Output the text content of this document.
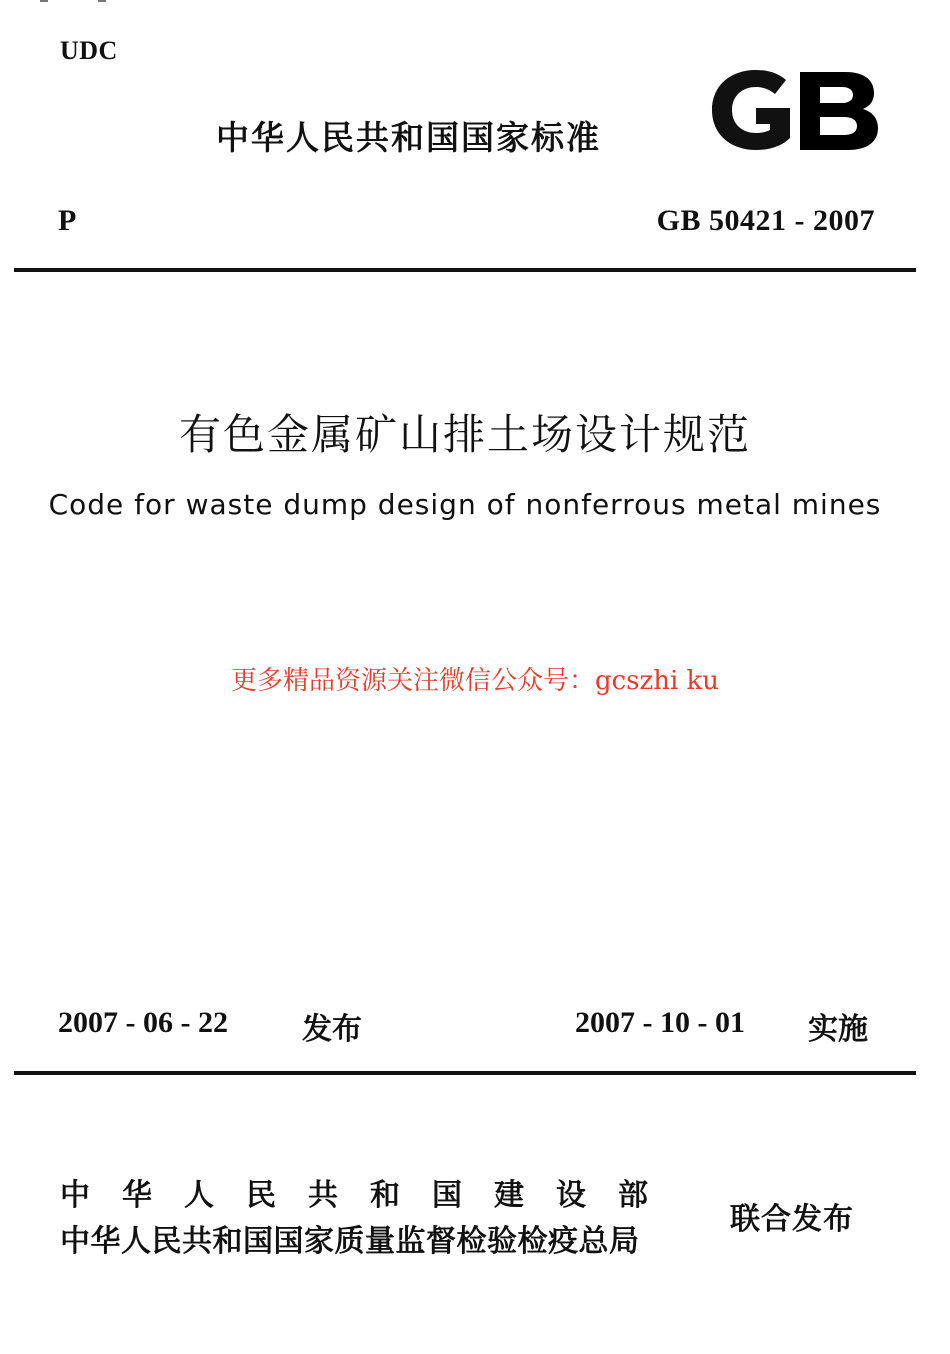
UDC
中华人民共和国国家标准
P	GB 50421 - 2007
有色金属矿山排土场设计规范
Code for waste dump design of nonferrous metal mines
更多精品资源关注微信公众号：gcszhi ku
2007 - 06 - 22 发布	2007 - 10 - 01 实施
中华人民共和国建设部
中华人民共和国国家质量监督检验检疫总局
联合发布
